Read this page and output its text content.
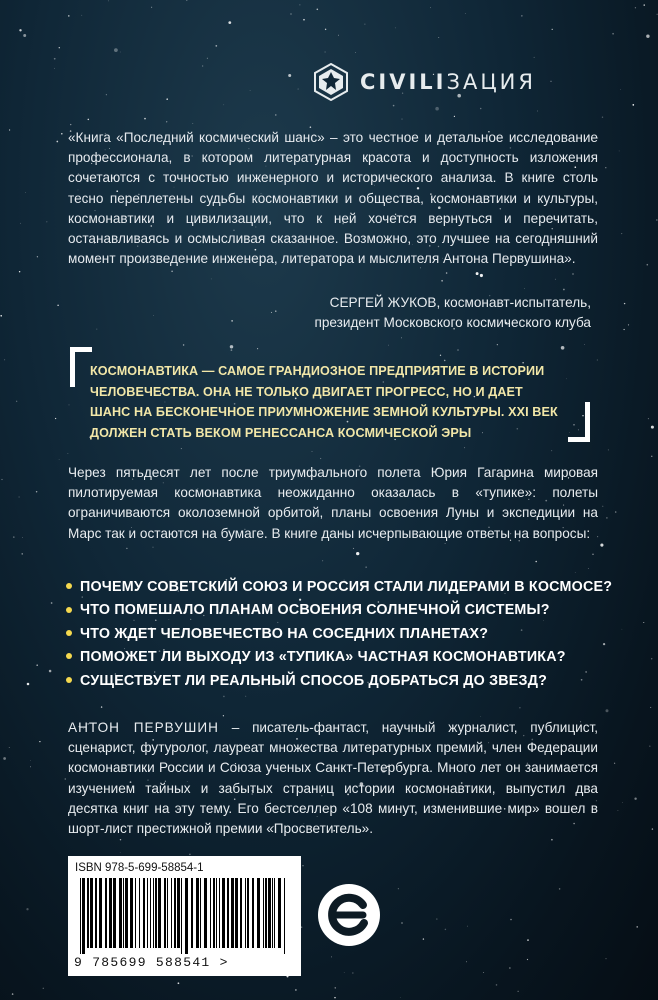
CIVILIЗАЦИЯ

«Книга «Последний космический шанс» – это честное и детальное исследование профессионала, в котором литературная красота и доступность изложения сочетаются с точностью инженерного и исторического анализа. В книге столь тесно переплетены судьбы космонавтики и общества, космонавтики и культуры, космонавтики и цивилизации, что к ней хочется вернуться и перечитать, останавливаясь и осмысливая сказанное. Возможно, это лучшее на сегодняшний момент произведение инженера, литератора и мыслителя Антона Первушина».

СЕРГЕЙ ЖУКОВ, космонавт-испытатель,
президент Московского космического клуба

КОСМОНАВТИКА — САМОЕ ГРАНДИОЗНОЕ ПРЕДПРИЯТИЕ В ИСТОРИИ ЧЕЛОВЕЧЕСТВА. ОНА НЕ ТОЛЬКО ДВИГАЕТ ПРОГРЕСС, НО И ДАЕТ ШАНС НА БЕСКОНЕЧНОЕ ПРИУМНОЖЕНИЕ ЗЕМНОЙ КУЛЬТУРЫ. XXI ВЕК ДОЛЖЕН СТАТЬ ВЕКОМ РЕНЕССАНСА КОСМИЧЕСКОЙ ЭРЫ

Через пятьдесят лет после триумфального полета Юрия Гагарина мировая пилотируемая космонавтика неожиданно оказалась в «тупике»: полеты ограничиваются околоземной орбитой, планы освоения Луны и экспедиции на Марс так и остаются на бумаге. В книге даны исчерпывающие ответы на вопросы:

ПОЧЕМУ СОВЕТСКИЙ СОЮЗ И РОССИЯ СТАЛИ ЛИДЕРАМИ В КОСМОСЕ?
ЧТО ПОМЕШАЛО ПЛАНАМ ОСВОЕНИЯ СОЛНЕЧНОЙ СИСТЕМЫ?
ЧТО ЖДЕТ ЧЕЛОВЕЧЕСТВО НА СОСЕДНИХ ПЛАНЕТАХ?
ПОМОЖЕТ ЛИ ВЫХОДУ ИЗ «ТУПИКА» ЧАСТНАЯ КОСМОНАВТИКА?
СУЩЕСТВУЕТ ЛИ РЕАЛЬНЫЙ СПОСОБ ДОБРАТЬСЯ ДО ЗВЕЗД?

АНТОН ПЕРВУШИН – писатель-фантаст, научный журналист, публицист, сценарист, футуролог, лауреат множества литературных премий, член Федерации космонавтики России и Союза ученых Санкт-Петербурга. Много лет он занимается изучением тайных и забытых страниц истории космонавтики, выпустил два десятка книг на эту тему. Его бестселлер «108 минут, изменившие мир» вошел в шорт-лист престижной премии «Просветитель».

ISBN 978-5-699-58854-1
9 785699 588541 >
